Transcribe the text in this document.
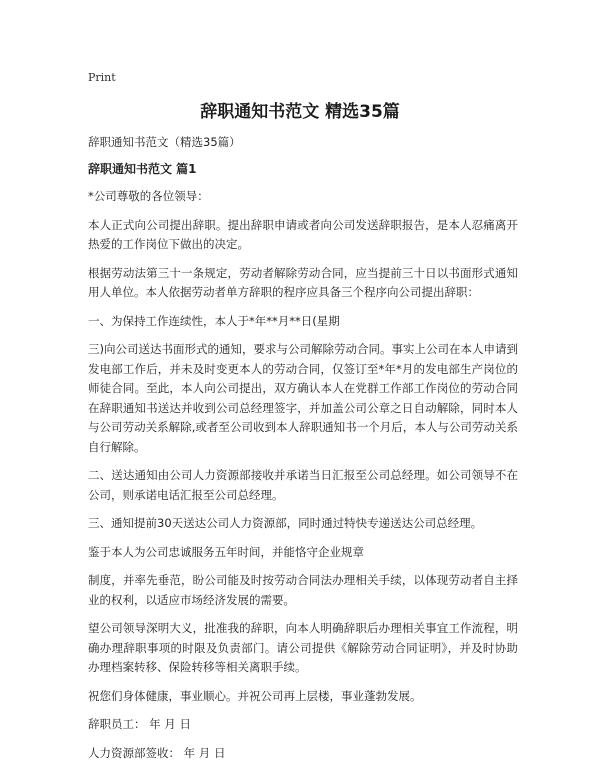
Print
辞职通知书范文 精选35篇

辞职通知书范文（精选35篇）

辞职通知书范文 篇1

*公司尊敬的各位领导：

本人正式向公司提出辞职。提出辞职申请或者向公司发送辞职报告，是本人忍痛离开热爱的工作岗位下做出的决定。

根据劳动法第三十一条规定，劳动者解除劳动合同，应当提前三十日以书面形式通知用人单位。本人依据劳动者单方辞职的程序应具备三个程序向公司提出辞职：

一、为保持工作连续性，本人于*年**月**日(星期

三)向公司送达书面形式的通知，要求与公司解除劳动合同。事实上公司在本人申请到发电部工作后，并未及时变更本人的劳动合同，仅签订至*年*月的发电部生产岗位的师徒合同。至此，本人向公司提出，双方确认本人在党群工作部工作岗位的劳动合同在辞职通知书送达并收到公司总经理签字，并加盖公司公章之日自动解除，同时本人与公司劳动关系解除,或者至公司收到本人辞职通知书一个月后，本人与公司劳动关系自行解除。

二、送达通知由公司人力资源部接收并承诺当日汇报至公司总经理。如公司领导不在公司，则承诺电话汇报至公司总经理。

三、通知提前30天送达公司人力资源部，同时通过特快专递送达公司总经理。

鉴于本人为公司忠诚服务五年时间，并能恪守企业规章

制度，并率先垂范，盼公司能及时按劳动合同法办理相关手续，以体现劳动者自主择业的权利，以适应市场经济发展的需要。

望公司领导深明大义，批准我的辞职，向本人明确辞职后办理相关事宜工作流程，明确办理辞职事项的时限及负责部门。请公司提供《解除劳动合同证明》，并及时协助办理档案转移、保险转移等相关离职手续。

祝您们身体健康，事业顺心。并祝公司再上层楼，事业蓬勃发展。

辞职员工： 年 月 日

人力资源部签收： 年 月 日
